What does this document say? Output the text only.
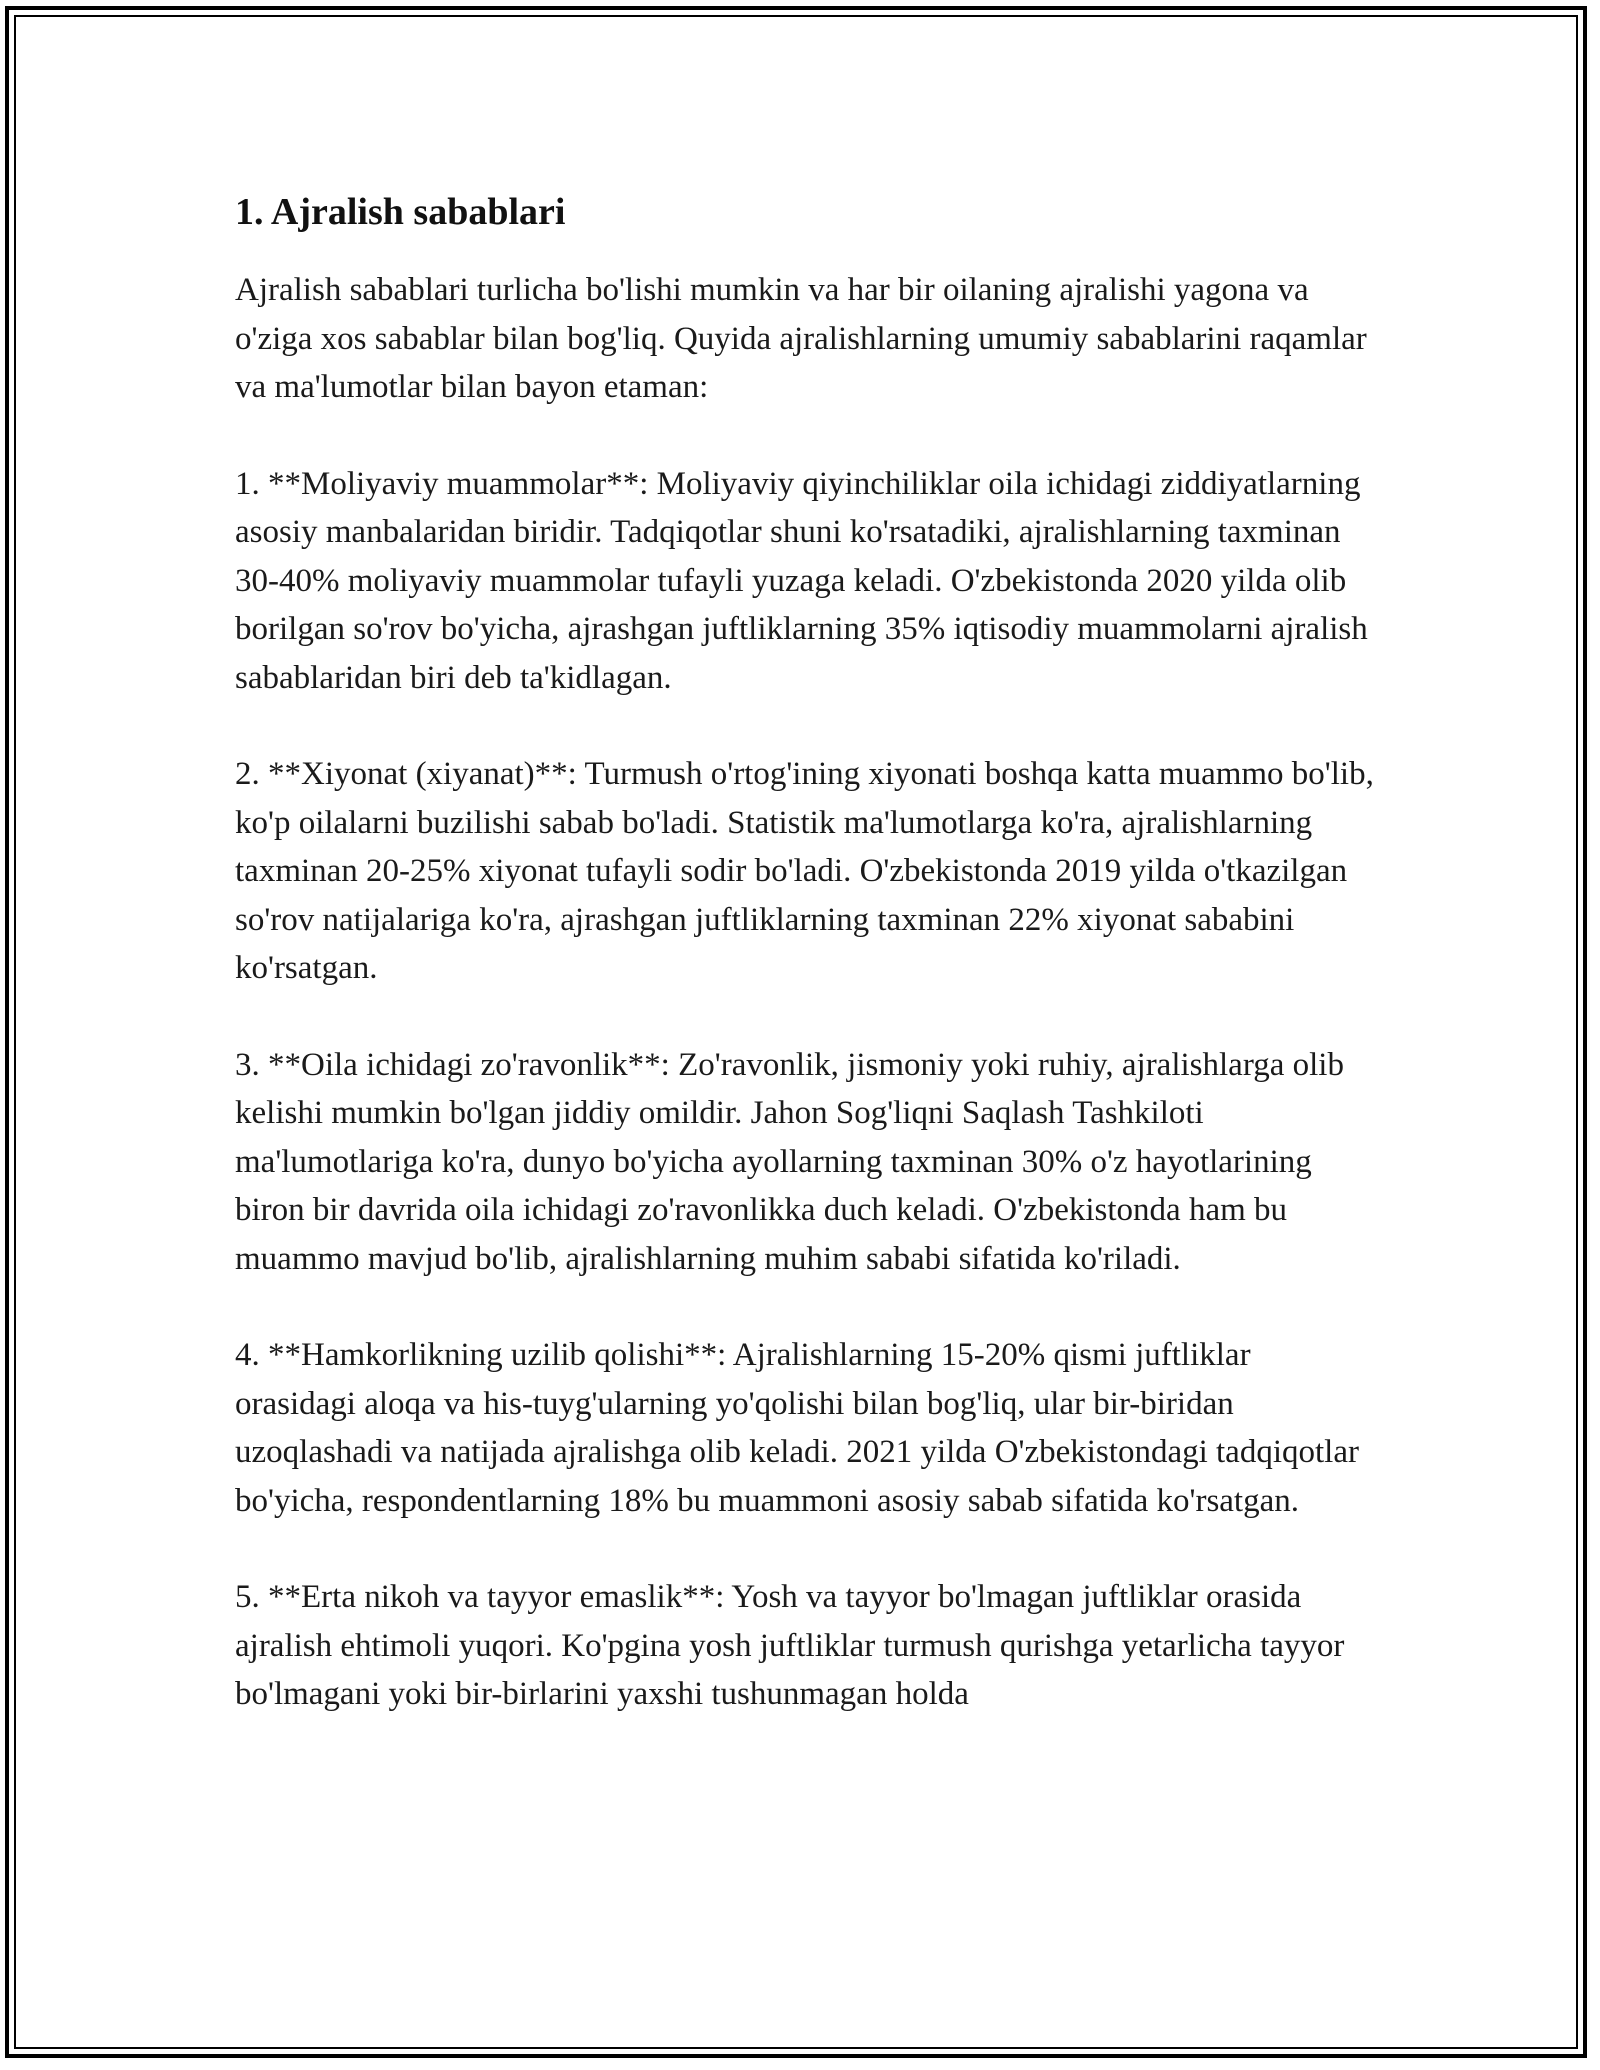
1. Ajralish sabablari

Ajralish sabablari turlicha bo'lishi mumkin va har bir oilaning ajralishi yagona va o'ziga xos sabablar bilan bog'liq. Quyida ajralishlarning umumiy sabablarini raqamlar va ma'lumotlar bilan bayon etaman:

1. **Moliyaviy muammolar**: Moliyaviy qiyinchiliklar oila ichidagi ziddiyatlarning asosiy manbalaridan biridir. Tadqiqotlar shuni ko'rsatadiki, ajralishlarning taxminan 30-40% moliyaviy muammolar tufayli yuzaga keladi. O'zbekistonda 2020 yilda olib borilgan so'rov bo'yicha, ajrashgan juftliklarning 35% iqtisodiy muammolarni ajralish sabablaridan biri deb ta'kidlagan.

2. **Xiyonat (xiyanat)**: Turmush o'rtog'ining xiyonati boshqa katta muammo bo'lib, ko'p oilalarni buzilishi sabab bo'ladi. Statistik ma'lumotlarga ko'ra, ajralishlarning taxminan 20-25% xiyonat tufayli sodir bo'ladi. O'zbekistonda 2019 yilda o'tkazilgan so'rov natijalariga ko'ra, ajrashgan juftliklarning taxminan 22% xiyonat sababini ko'rsatgan.

3. **Oila ichidagi zo'ravonlik**: Zo'ravonlik, jismoniy yoki ruhiy, ajralishlarga olib kelishi mumkin bo'lgan jiddiy omildir. Jahon Sog'liqni Saqlash Tashkiloti ma'lumotlariga ko'ra, dunyo bo'yicha ayollarning taxminan 30% o'z hayotlarining biron bir davrida oila ichidagi zo'ravonlikka duch keladi. O'zbekistonda ham bu muammo mavjud bo'lib, ajralishlarning muhim sababi sifatida ko'riladi.

4. **Hamkorlikning uzilib qolishi**: Ajralishlarning 15-20% qismi juftliklar orasidagi aloqa va his-tuyg'ularning yo'qolishi bilan bog'liq, ular bir-biridan uzoqlashadi va natijada ajralishga olib keladi. 2021 yilda O'zbekistondagi tadqiqotlar bo'yicha, respondentlarning 18% bu muammoni asosiy sabab sifatida ko'rsatgan.

5. **Erta nikoh va tayyor emaslik**: Yosh va tayyor bo'lmagan juftliklar orasida ajralish ehtimoli yuqori. Ko'pgina yosh juftliklar turmush qurishga yetarlicha tayyor bo'lmagani yoki bir-birlarini yaxshi tushunmagan holda
